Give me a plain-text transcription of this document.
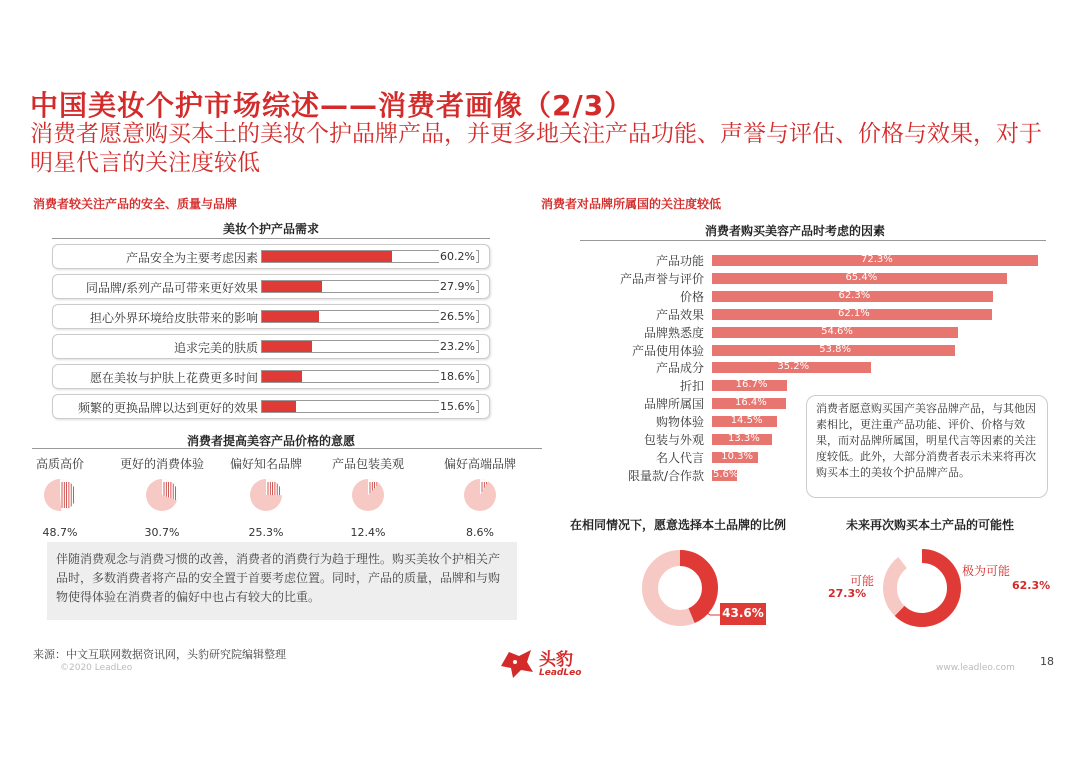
中国美妆个护市场综述——消费者画像（2/3）
消费者愿意购买本土的美妆个护品牌产品，并更多地关注产品功能、声誉与评估、价格与效果，对于明星代言的关注度较低
消费者较关注产品的安全、质量与品牌
美妆个护产品需求
产品安全为主要考虑因素	60.2%
同品牌/系列产品可带来更好效果	27.9%
担心外界环境给皮肤带来的影响	26.5%
追求完美的肤质	23.2%
愿在美妆与护肤上花费更多时间	18.6%
频繁的更换品牌以达到更好的效果	15.6%
消费者提高美容产品价格的意愿
高质高价
48.7%
更好的消费体验
30.7%
偏好知名品牌
25.3%
产品包装美观
12.4%
偏好高端品牌
8.6%
伴随消费观念与消费习惯的改善，消费者的消费行为趋于理性。购买美妆个护相关产品时，多数消费者将产品的安全置于首要考虑位置。同时，产品的质量，品牌和与购物使得体验在消费者的偏好中也占有较大的比重。
消费者对品牌所属国的关注度较低
消费者购买美容产品时考虑的因素
产品功能	72.3%
产品声誉与评价	65.4%
价格	62.3%
产品效果	62.1%
品牌熟悉度	54.6%
产品使用体验	53.8%
产品成分	35.2%
折扣	16.7%
品牌所属国	16.4%
购物体验	14.5%
包装与外观 13.3%
名人代言 10.3%
限量款/合作款 5.6%
消费者愿意购买国产美容品牌产品，与其他因素相比，更注重产品功能、评价、价格与效果，而对品牌所属国，明星代言等因素的关注度较低。此外，大部分消费者表示未来将再次购买本土的美妆个护品牌产品。
在相同情况下，愿意选择本土品牌的比例
43.6%
未来再次购买本土产品的可能性
可能
27.3%
极为可能
62.3%
来源：中文互联网数据资讯网，头豹研究院编辑整理
©2020 LeadLeo	头豹
LeadLeo	www.leadleo.com 18
